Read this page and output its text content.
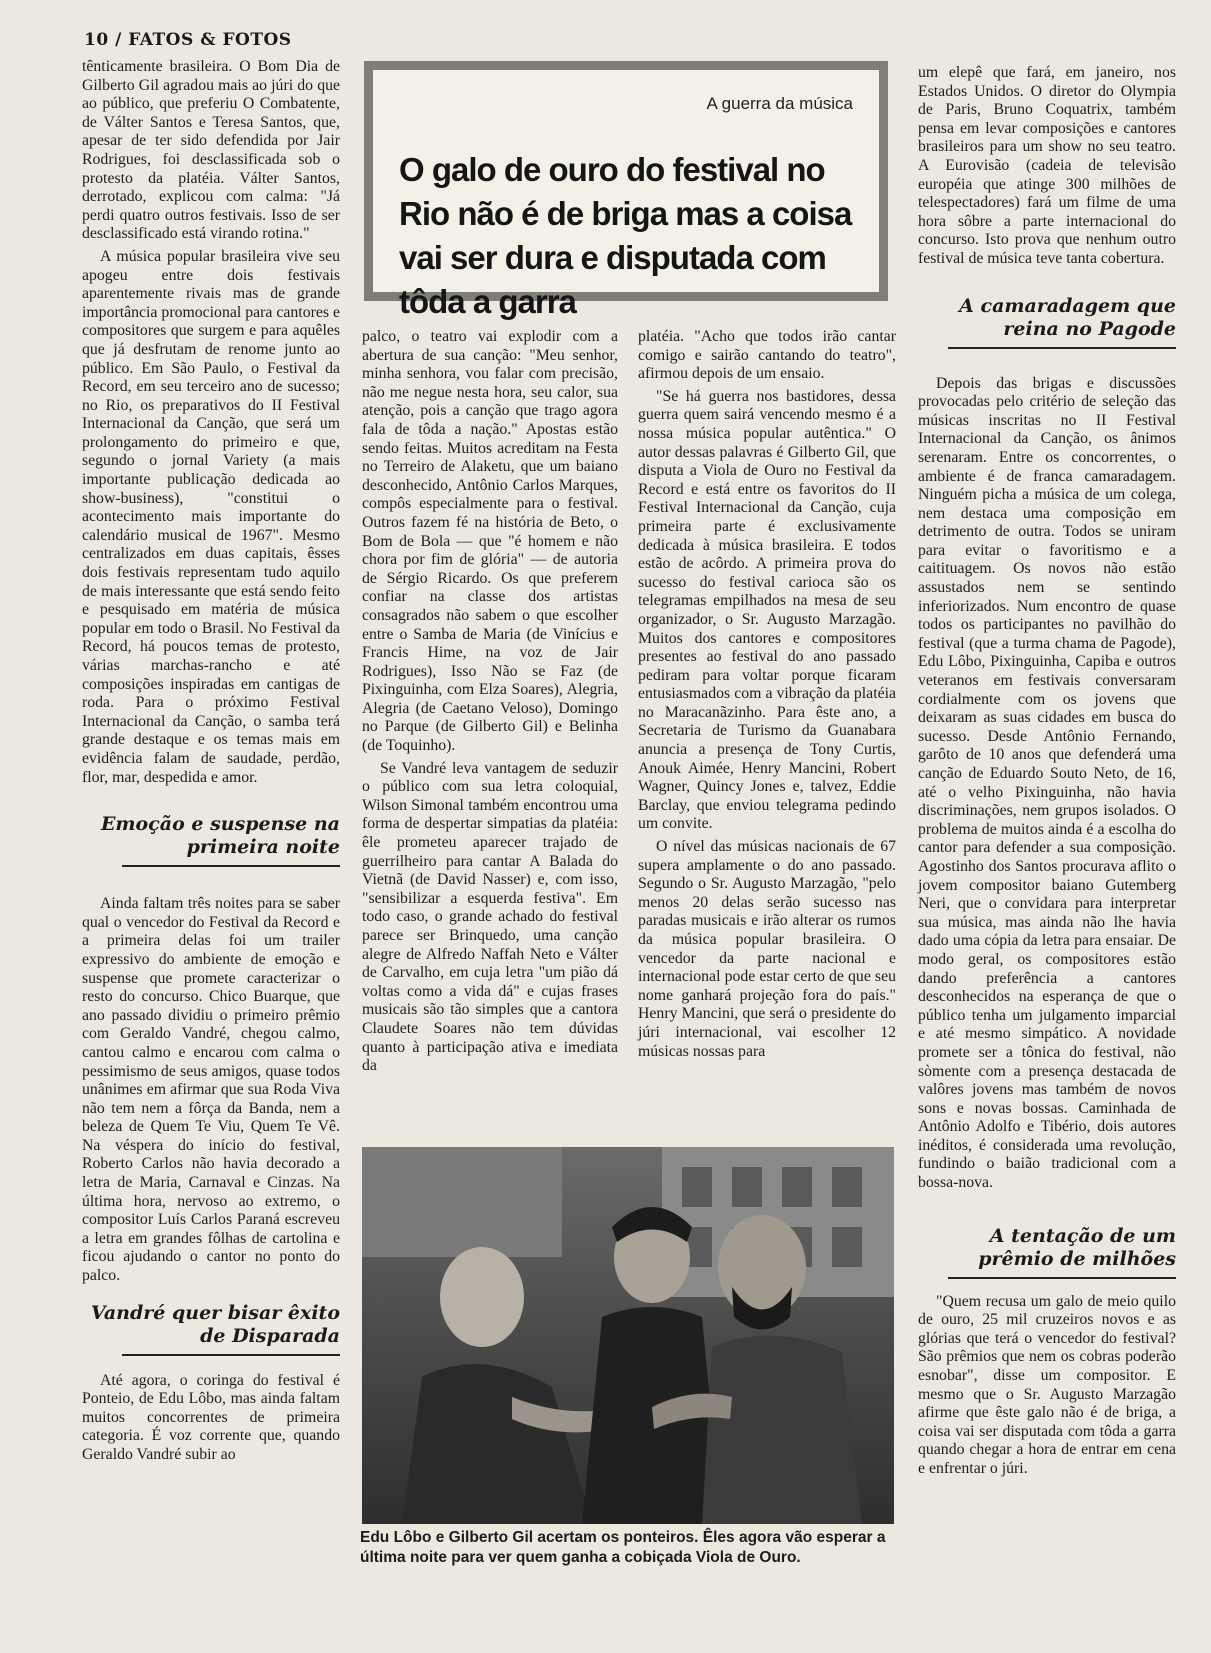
10 / FATOS & FOTOS

tênticamente brasileira. O Bom Dia de Gilberto Gil agradou mais ao júri do que ao público, que preferiu O Combatente, de Válter Santos e Teresa Santos, que, apesar de ter sido defendida por Jair Rodrigues, foi desclassificada sob o protesto da platéia. Válter Santos, derrotado, explicou com calma: "Já perdi quatro outros festivais. Isso de ser desclassificado está virando rotina."

A música popular brasileira vive seu apogeu entre dois festivais aparentemente rivais mas de grande importância promocional para cantores e compositores que surgem e para aquêles que já desfrutam de renome junto ao público. Em São Paulo, o Festival da Record, em seu terceiro ano de sucesso; no Rio, os preparativos do II Festival Internacional da Canção, que será um prolongamento do primeiro e que, segundo o jornal Variety (a mais importante publicação dedicada ao show-business), "constitui o acontecimento mais importante do calendário musical de 1967". Mesmo centralizados em duas capitais, êsses dois festivais representam tudo aquilo de mais interessante que está sendo feito e pesquisado em matéria de música popular em todo o Brasil. No Festival da Record, há poucos temas de protesto, várias marchas-rancho e até composições inspiradas em cantigas de roda. Para o próximo Festival Internacional da Canção, o samba terá grande destaque e os temas mais em evidência falam de saudade, perdão, flor, mar, despedida e amor.

Emoção e suspense na primeira noite

Ainda faltam três noites para se saber qual o vencedor do Festival da Record e a primeira delas foi um trailer expressivo do ambiente de emoção e suspense que promete caracterizar o resto do concurso. Chico Buarque, que ano passado dividiu o primeiro prêmio com Geraldo Vandré, chegou calmo, cantou calmo e encarou com calma o pessimismo de seus amigos, quase todos unânimes em afirmar que sua Roda Viva não tem nem a fôrça da Banda, nem a beleza de Quem Te Viu, Quem Te Vê. Na véspera do início do festival, Roberto Carlos não havia decorado a letra de Maria, Carnaval e Cinzas. Na última hora, nervoso ao extremo, o compositor Luís Carlos Paraná escreveu a letra em grandes fôlhas de cartolina e ficou ajudando o cantor no ponto do palco.

Vandré quer bisar êxito de Disparada

Até agora, o coringa do festival é Ponteio, de Edu Lôbo, mas ainda faltam muitos concorrentes de primeira categoria. É voz corrente que, quando Geraldo Vandré subir ao

A guerra da música
O galo de ouro do festival no Rio não é de briga mas a coisa vai ser dura e disputada com tôda a garra

palco, o teatro vai explodir com a abertura de sua canção: "Meu senhor, minha senhora, vou falar com precisão, não me negue nesta hora, seu calor, sua atenção, pois a canção que trago agora fala de tôda a nação." Apostas estão sendo feitas. Muitos acreditam na Festa no Terreiro de Alaketu, que um baiano desconhecido, Antônio Carlos Marques, compôs especialmente para o festival. Outros fazem fé na história de Beto, o Bom de Bola — que "é homem e não chora por fim de glória" — de autoria de Sérgio Ricardo. Os que preferem confiar na classe dos artistas consagrados não sabem o que escolher entre o Samba de Maria (de Vinícius e Francis Hime, na voz de Jair Rodrigues), Isso Não se Faz (de Pixinguinha, com Elza Soares), Alegria, Alegria (de Caetano Veloso), Domingo no Parque (de Gilberto Gil) e Belinha (de Toquinho).

Se Vandré leva vantagem de seduzir o público com sua letra coloquial, Wilson Simonal também encontrou uma forma de despertar simpatias da platéia: êle prometeu aparecer trajado de guerrilheiro para cantar A Balada do Vietnã (de David Nasser) e, com isso, "sensibilizar a esquerda festiva". Em todo caso, o grande achado do festival parece ser Brinquedo, uma canção alegre de Alfredo Naffah Neto e Válter de Carvalho, em cuja letra "um pião dá voltas como a vida dá" e cujas frases musicais são tão simples que a cantora Claudete Soares não tem dúvidas quanto à participação ativa e imediata da

platéia. "Acho que todos irão cantar comigo e sairão cantando do teatro", afirmou depois de um ensaio.

"Se há guerra nos bastidores, dessa guerra quem sairá vencendo mesmo é a nossa música popular autêntica." O autor dessas palavras é Gilberto Gil, que disputa a Viola de Ouro no Festival da Record e está entre os favoritos do II Festival Internacional da Canção, cuja primeira parte é exclusivamente dedicada à música brasileira. E todos estão de acôrdo. A primeira prova do sucesso do festival carioca são os telegramas empilhados na mesa de seu organizador, o Sr. Augusto Marzagão. Muitos dos cantores e compositores presentes ao festival do ano passado pediram para voltar porque ficaram entusiasmados com a vibração da platéia no Maracanãzinho. Para êste ano, a Secretaria de Turismo da Guanabara anuncia a presença de Tony Curtis, Anouk Aimée, Henry Mancini, Robert Wagner, Quincy Jones e, talvez, Eddie Barclay, que enviou telegrama pedindo um convite.

O nível das músicas nacionais de 67 supera amplamente o do ano passado. Segundo o Sr. Augusto Marzagão, "pelo menos 20 delas serão sucesso nas paradas musicais e irão alterar os rumos da música popular brasileira. O vencedor da parte nacional e internacional pode estar certo de que seu nome ganhará projeção fora do país." Henry Mancini, que será o presidente do júri internacional, vai escolher 12 músicas nossas para

um elepê que fará, em janeiro, nos Estados Unidos. O diretor do Olympia de Paris, Bruno Coquatrix, também pensa em levar composições e cantores brasileiros para um show no seu teatro. A Eurovisão (cadeia de televisão européia que atinge 300 milhões de telespectadores) fará um filme de uma hora sôbre a parte internacional do concurso. Isto prova que nenhum outro festival de música teve tanta cobertura.

A camaradagem que reina no Pagode

Depois das brigas e discussões provocadas pelo critério de seleção das músicas inscritas no II Festival Internacional da Canção, os ânimos serenaram. Entre os concorrentes, o ambiente é de franca camaradagem. Ninguém picha a música de um colega, nem destaca uma composição em detrimento de outra. Todos se uniram para evitar o favoritismo e a caitituagem. Os novos não estão assustados nem se sentindo inferiorizados. Num encontro de quase todos os participantes no pavilhão do festival (que a turma chama de Pagode), Edu Lôbo, Pixinguinha, Capiba e outros veteranos em festivais conversaram cordialmente com os jovens que deixaram as suas cidades em busca do sucesso. Desde Antônio Fernando, garôto de 10 anos que defenderá uma canção de Eduardo Souto Neto, de 16, até o velho Pixinguinha, não havia discriminações, nem grupos isolados. O problema de muitos ainda é a escolha do cantor para defender a sua composição. Agostinho dos Santos procurava aflito o jovem compositor baiano Gutemberg Neri, que o convidara para interpretar sua música, mas ainda não lhe havia dado uma cópia da letra para ensaiar. De modo geral, os compositores estão dando preferência a cantores desconhecidos na esperança de que o público tenha um julgamento imparcial e até mesmo simpático. A novidade promete ser a tônica do festival, não sòmente com a presença destacada de valôres jovens mas também de novos sons e novas bossas. Caminhada de Antônio Adolfo e Tibério, dois autores inéditos, é considerada uma revolução, fundindo o baião tradicional com a bossa-nova.

A tentação de um prêmio de milhões

"Quem recusa um galo de meio quilo de ouro, 25 mil cruzeiros novos e as glórias que terá o vencedor do festival? São prêmios que nem os cobras poderão esnobar", disse um compositor. E mesmo que o Sr. Augusto Marzagão afirme que êste galo não é de briga, a coisa vai ser disputada com tôda a garra quando chegar a hora de entrar em cena e enfrentar o júri.

Edu Lôbo e Gilberto Gil acertam os ponteiros. Êles agora vão esperar a última noite para ver quem ganha a cobiçada Viola de Ouro.
